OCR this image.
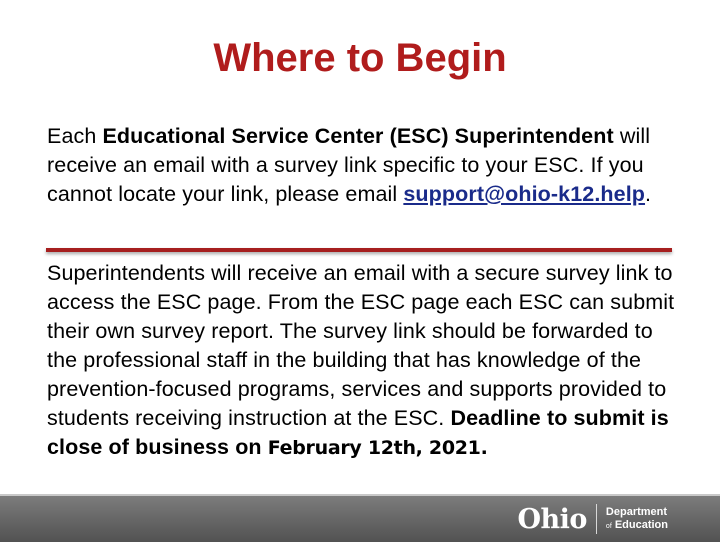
Where to Begin
Each Educational Service Center (ESC) Superintendent will receive an email with a survey link specific to your ESC. If you cannot locate your link, please email support@ohio-k12.help.
Superintendents will receive an email with a secure survey link to access the ESC page. From the ESC page each ESC can submit their own survey report. The survey link should be forwarded to the professional staff in the building that has knowledge of the prevention-focused programs, services and supports provided to students receiving instruction at the ESC. Deadline to submit is close of business on February 12th, 2021.
Ohio Department
of Education
